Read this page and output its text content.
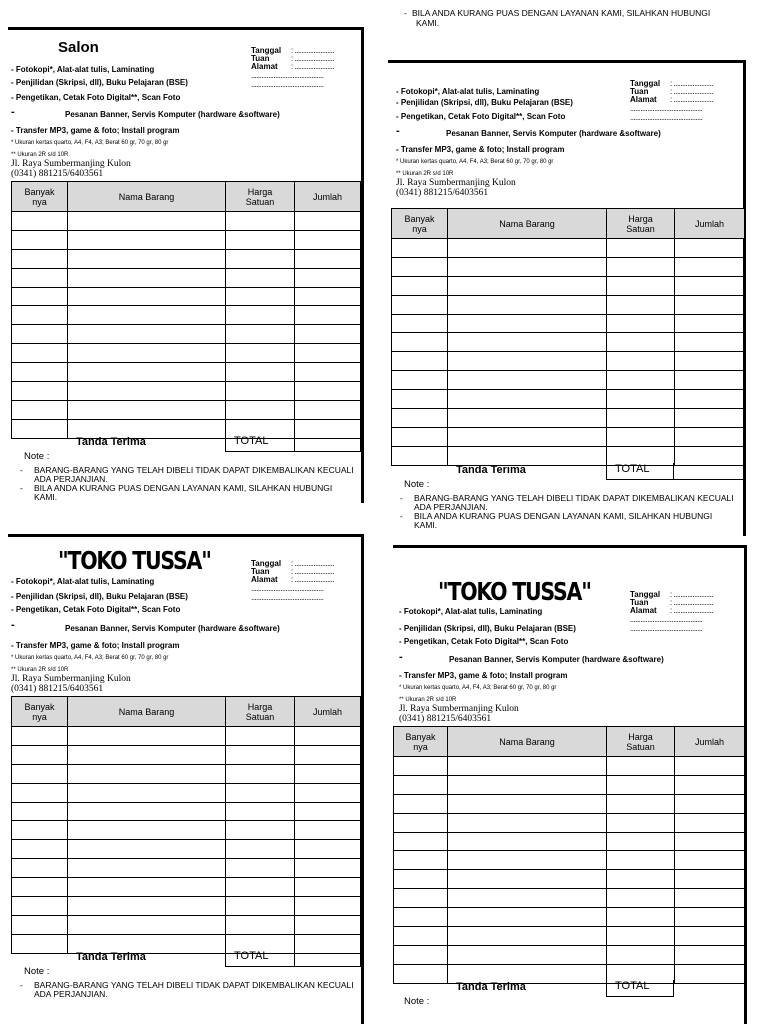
- BILA ANDA KURANG PUAS DENGAN LAYANAN KAMI, SILAHKAN HUBUNGI
KAMI.
Salon	Tanggal	: .......................
Tuan	: .......................
Alamat	: .......................
..........................................
..........................................
- Fotokopi*, Alat-alat tulis, Laminating
- Penjilidan (Skripsi, dll), Buku Pelajaran (BSE)
- Pengetikan, Cetak Foto Digital**, Scan Foto
-	Pesanan Banner, Servis Komputer (hardware &software)
- Transfer MP3, game & foto; Install program
* Ukuran kertas quarto, A4, F4, A3; Berat 60 gr, 70 gr, 80 gr
** Ukuran 2R s/d 10R
Jl. Raya Sumbermanjing Kulon
(0341) 881215/6403561
Banyak
nya	Nama Barang	Harga
Satuan	Jumlah

Tanda Terima	TOTAL
Note :
-	BARANG-BARANG YANG TELAH DIBELI TIDAK DAPAT DIKEMBALIKAN KECUALI
ADA PERJANJIAN.
-	BILA ANDA KURANG PUAS DENGAN LAYANAN KAMI, SILAHKAN HUBUNGI
KAMI.
Tanggal	: .......................
Tuan	: .......................
Alamat	: .......................
..........................................
..........................................
- Fotokopi*, Alat-alat tulis, Laminating
- Penjilidan (Skripsi, dll), Buku Pelajaran (BSE)
- Pengetikan, Cetak Foto Digital**, Scan Foto
-	Pesanan Banner, Servis Komputer (hardware &software)
- Transfer MP3, game & foto; Install program
* Ukuran kertas quarto, A4, F4, A3; Berat 60 gr, 70 gr, 80 gr
** Ukuran 2R s/d 10R
Jl. Raya Sumbermanjing Kulon
(0341) 881215/6403561
Banyak
nya	Nama Barang	Harga
Satuan	Jumlah

Tanda Terima	TOTAL
Note :
-	BARANG-BARANG YANG TELAH DIBELI TIDAK DAPAT DIKEMBALIKAN KECUALI
ADA PERJANJIAN.
-	BILA ANDA KURANG PUAS DENGAN LAYANAN KAMI, SILAHKAN HUBUNGI
KAMI.
"TOKO TUSSA"	Tanggal	: .......................
Tuan	: .......................
Alamat	: .......................
..........................................
..........................................
- Fotokopi*, Alat-alat tulis, Laminating
- Penjilidan (Skripsi, dll), Buku Pelajaran (BSE)
- Pengetikan, Cetak Foto Digital**, Scan Foto
-	Pesanan Banner, Servis Komputer (hardware &software)
- Transfer MP3, game & foto; Install program
* Ukuran kertas quarto, A4, F4, A3; Berat 60 gr, 70 gr, 80 gr
** Ukuran 2R s/d 10R
Jl. Raya Sumbermanjing Kulon
(0341) 881215/6403561
Banyak
nya	Nama Barang	Harga
Satuan	Jumlah

Tanda Terima	TOTAL
Note :
-	BARANG-BARANG YANG TELAH DIBELI TIDAK DAPAT DIKEMBALIKAN KECUALI
ADA PERJANJIAN.
"TOKO TUSSA"	Tanggal	: .......................
Tuan	: .......................
Alamat	: .......................
..........................................
..........................................
- Fotokopi*, Alat-alat tulis, Laminating
- Penjilidan (Skripsi, dll), Buku Pelajaran (BSE)
- Pengetikan, Cetak Foto Digital**, Scan Foto
-	Pesanan Banner, Servis Komputer (hardware &software)
- Transfer MP3, game & foto; Install program
* Ukuran kertas quarto, A4, F4, A3; Berat 60 gr, 70 gr, 80 gr
** Ukuran 2R s/d 10R
Jl. Raya Sumbermanjing Kulon
(0341) 881215/6403561
Banyak
nya	Nama Barang	Harga
Satuan	Jumlah

Tanda Terima	TOTAL
Note :
